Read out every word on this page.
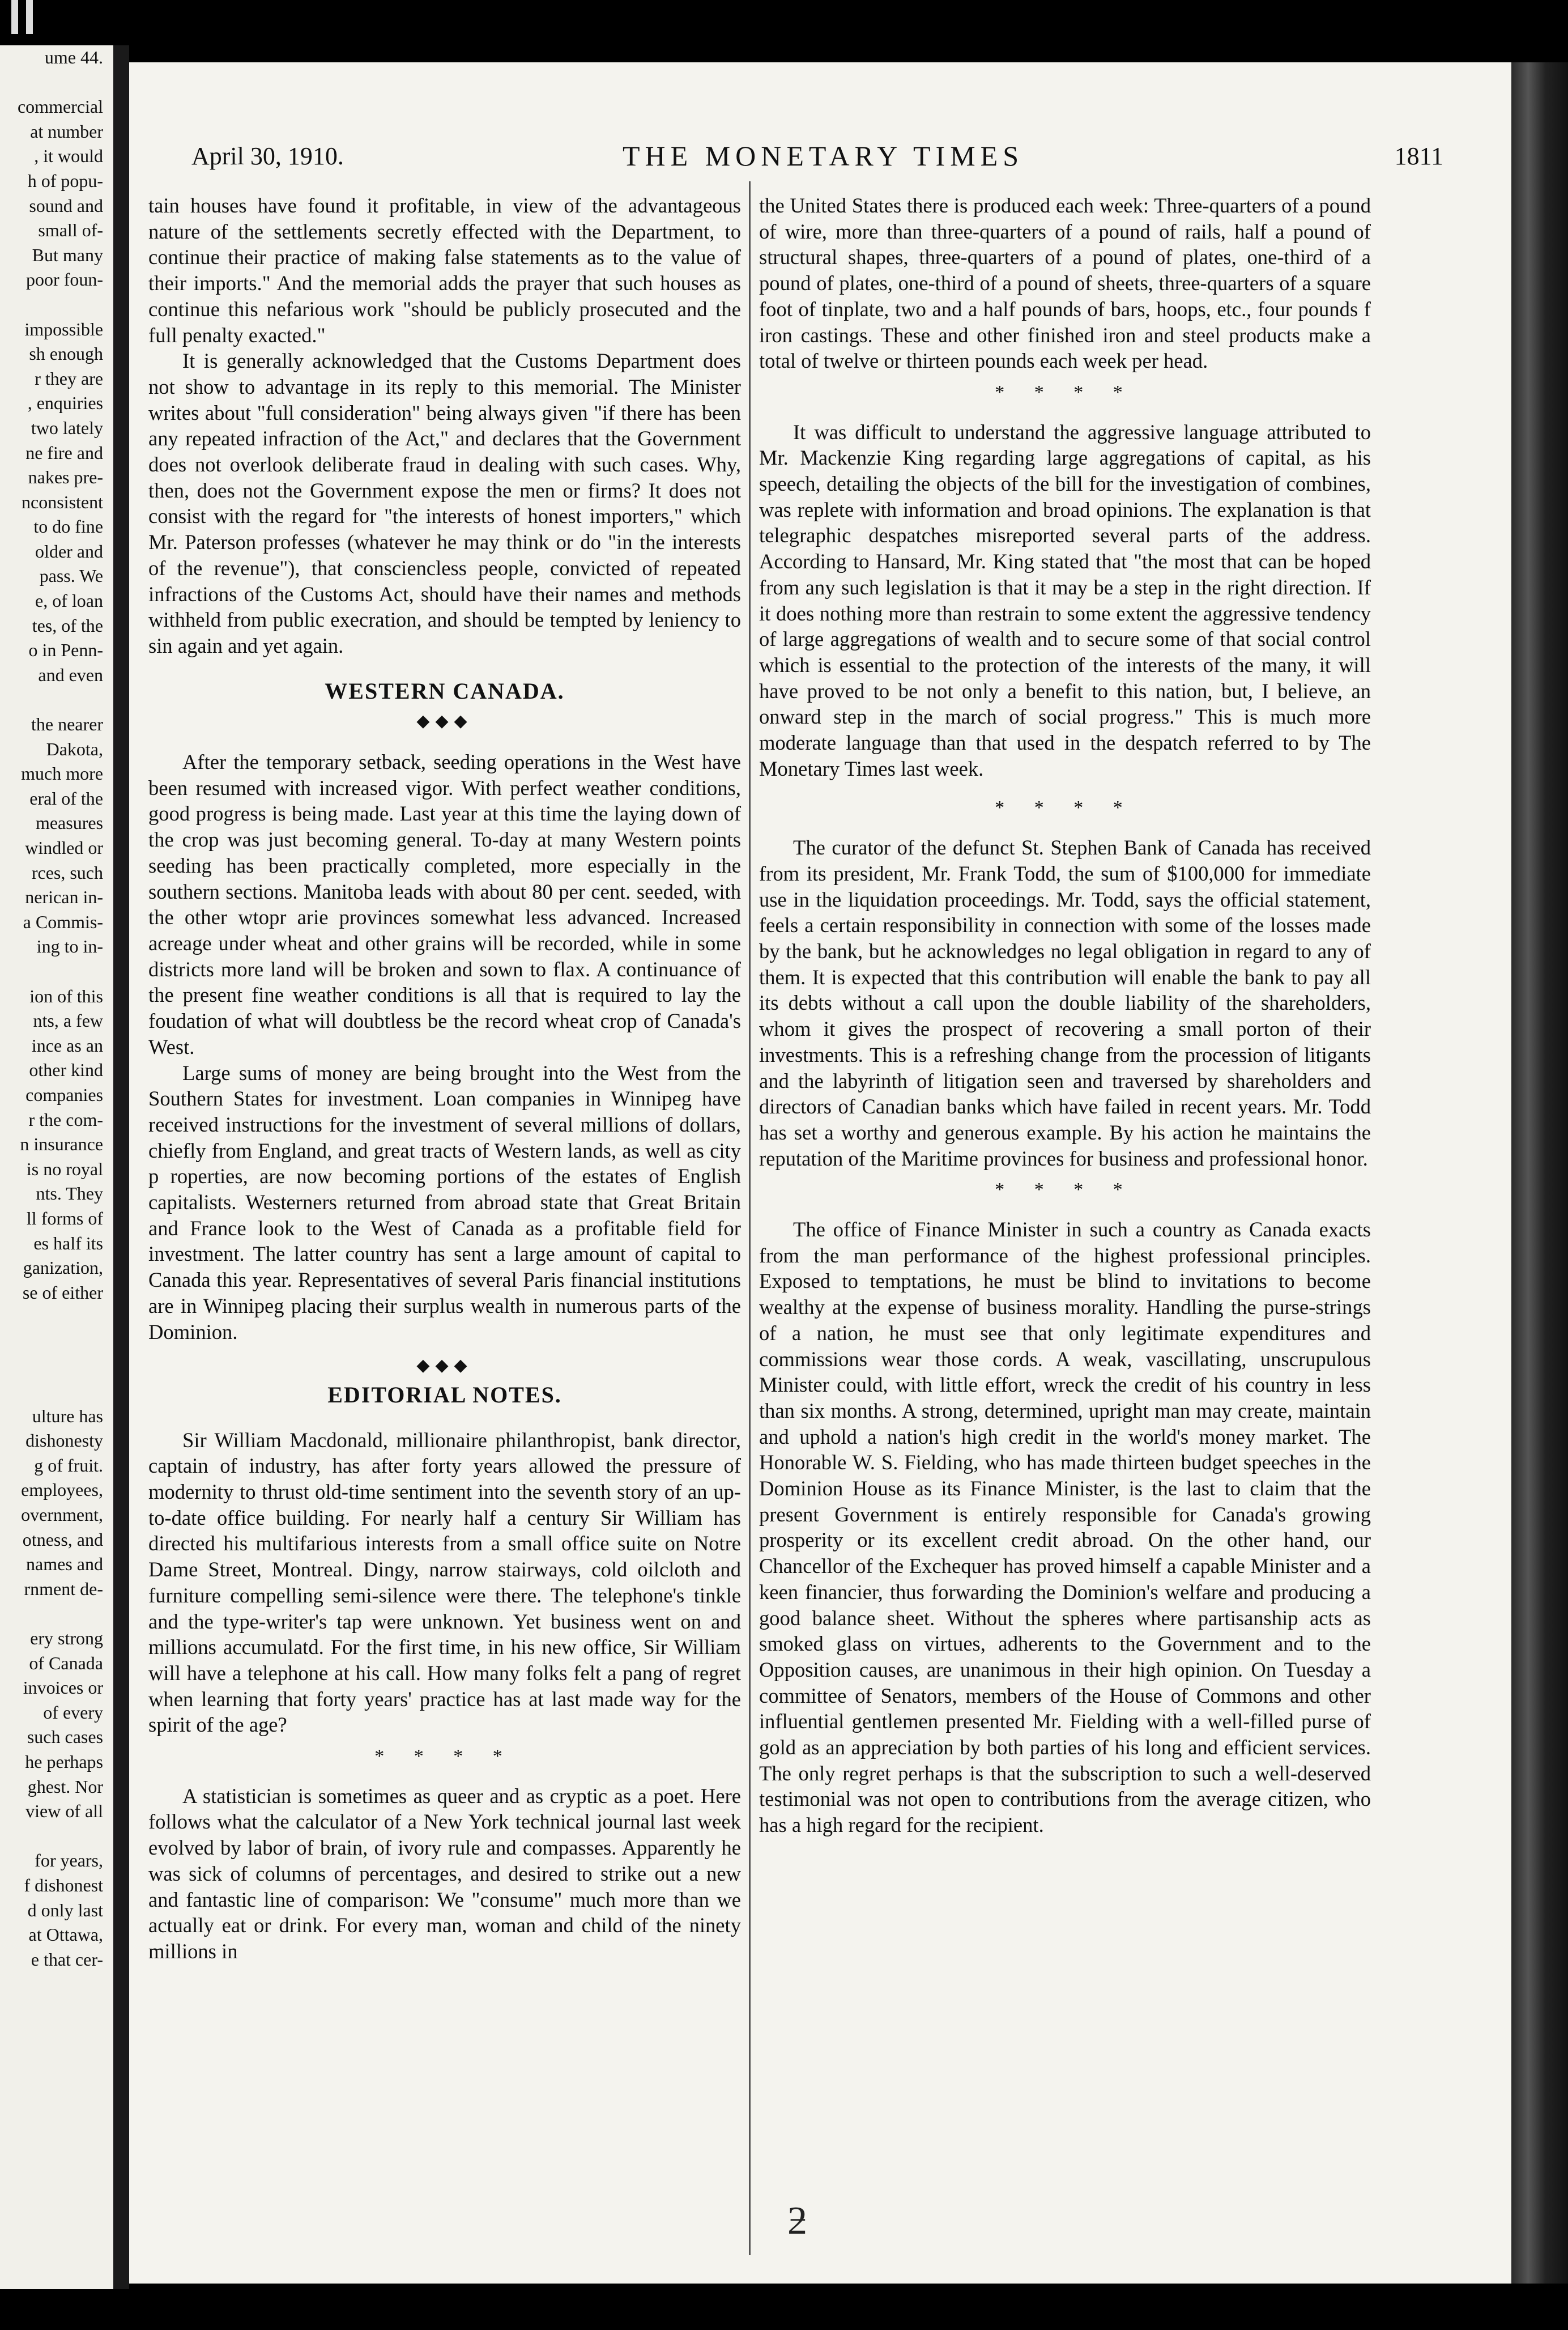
ume 44.

commercial
at number
, it would
h of popu-
sound and
small of-
But many
poor foun-

impossible
sh enough
r they are
, enquiries
two lately
ne fire and
nakes pre-
nconsistent
to do fine
older and
pass. We
e, of loan
tes, of the
o in Penn-
and even

the nearer
Dakota,
much more
eral of the
measures
windled or
rces, such
nerican in-
a Commis-
ing to in-

ion of this
nts, a few
ince as an
other kind
companies
r the com-
n insurance
is no royal
nts. They
ll forms of
es half its
ganization,
se of either

ulture has
dishonesty
g of fruit.
employees,
overnment,
otness, and
names and
rnment de-

ery strong
of Canada
invoices or
of every
such cases
he perhaps
ghest. Nor
view of all

for years,
f dishonest
d only last
at Ottawa,
e that cer-
April 30, 1910.	THE MONETARY TIMES	1811

tain houses have found it profitable, in view of the advantageous nature of the settlements secretly effected with the Department, to continue their practice of making false statements as to the value of their imports." And the memorial adds the prayer that such houses as continue this nefarious work "should be publicly prosecuted and the full penalty exacted."

It is generally acknowledged that the Customs Department does not show to advantage in its reply to this memorial. The Minister writes about "full consideration" being always given "if there has been any repeated infraction of the Act," and declares that the Government does not overlook deliberate fraud in dealing with such cases. Why, then, does not the Government expose the men or firms? It does not consist with the regard for "the interests of honest importers," which Mr. Paterson professes (whatever he may think or do "in the interests of the revenue"), that consciencless people, convicted of repeated infractions of the Customs Act, should have their names and methods withheld from public execration, and should be tempted by leniency to sin again and yet again.

WESTERN CANADA.
◆◆◆

After the temporary setback, seeding operations in the West have been resumed with increased vigor. With perfect weather conditions, good progress is being made. Last year at this time the laying down of the crop was just becoming general. To-day at many Western points seeding has been practically completed, more especially in the southern sections. Manitoba leads with about 80 per cent. seeded, with the other wtopr arie provinces somewhat less advanced. Increased acreage under wheat and other grains will be recorded, while in some districts more land will be broken and sown to flax. A continuance of the present fine weather conditions is all that is required to lay the foudation of what will doubtless be the record wheat crop of Canada's West.

Large sums of money are being brought into the West from the Southern States for investment. Loan companies in Winnipeg have received instructions for the investment of several millions of dollars, chiefly from England, and great tracts of Western lands, as well as city p roperties, are now becoming portions of the estates of English capitalists. Westerners returned from abroad state that Great Britain and France look to the West of Canada as a profitable field for investment. The latter country has sent a large amount of capital to Canada this year. Representatives of several Paris financial institutions are in Winnipeg placing their surplus wealth in numerous parts of the Dominion.

◆◆◆
EDITORIAL NOTES.

Sir William Macdonald, millionaire philanthropist, bank director, captain of industry, has after forty years allowed the pressure of modernity to thrust old-time sentiment into the seventh story of an up-to-date office building. For nearly half a century Sir William has directed his multifarious interests from a small office suite on Notre Dame Street, Montreal. Dingy, narrow stairways, cold oilcloth and furniture compelling semi-silence were there. The telephone's tinkle and the type-writer's tap were unknown. Yet business went on and millions accumulatd. For the first time, in his new office, Sir William will have a telephone at his call. How many folks felt a pang of regret when learning that forty years' practice has at last made way for the spirit of the age?

* * * *

A statistician is sometimes as queer and as cryptic as a poet. Here follows what the calculator of a New York technical journal last week evolved by labor of brain, of ivory rule and compasses. Apparently he was sick of columns of percentages, and desired to strike out a new and fantastic line of comparison: We "consume" much more than we actually eat or drink. For every man, woman and child of the ninety millions in

the United States there is produced each week: Three-quarters of a pound of wire, more than three-quarters of a pound of rails, half a pound of structural shapes, three-quarters of a pound of plates, one-third of a pound of plates, one-third of a pound of sheets, three-quarters of a square foot of tinplate, two and a half pounds of bars, hoops, etc., four pounds f iron castings. These and other finished iron and steel products make a total of twelve or thirteen pounds each week per head.

* * * *

It was difficult to understand the aggressive language attributed to Mr. Mackenzie King regarding large aggregations of capital, as his speech, detailing the objects of the bill for the investigation of combines, was replete with information and broad opinions. The explanation is that telegraphic despatches misreported several parts of the address. According to Hansard, Mr. King stated that "the most that can be hoped from any such legislation is that it may be a step in the right direction. If it does nothing more than restrain to some extent the aggressive tendency of large aggregations of wealth and to secure some of that social control which is essential to the protection of the interests of the many, it will have proved to be not only a benefit to this nation, but, I believe, an onward step in the march of social progress." This is much more moderate language than that used in the despatch referred to by The Monetary Times last week.

* * * *

The curator of the defunct St. Stephen Bank of Canada has received from its president, Mr. Frank Todd, the sum of $100,000 for immediate use in the liquidation proceedings. Mr. Todd, says the official statement, feels a certain responsibility in connection with some of the losses made by the bank, but he acknowledges no legal obligation in regard to any of them. It is expected that this contribution will enable the bank to pay all its debts without a call upon the double liability of the shareholders, whom it gives the prospect of recovering a small porton of their investments. This is a refreshing change from the procession of litigants and the labyrinth of litigation seen and traversed by shareholders and directors of Canadian banks which have failed in recent years. Mr. Todd has set a worthy and generous example. By his action he maintains the reputation of the Maritime provinces for business and professional honor.

* * * *

The office of Finance Minister in such a country as Canada exacts from the man performance of the highest professional principles. Exposed to temptations, he must be blind to invitations to become wealthy at the expense of business morality. Handling the purse-strings of a nation, he must see that only legitimate expenditures and commissions wear those cords. A weak, vascillating, unscrupulous Minister could, with little effort, wreck the credit of his country in less than six months. A strong, determined, upright man may create, maintain and uphold a nation's high credit in the world's money market. The Honorable W. S. Fielding, who has made thirteen budget speeches in the Dominion House as its Finance Minister, is the last to claim that the present Government is entirely responsible for Canada's growing prosperity or its excellent credit abroad. On the other hand, our Chancellor of the Exchequer has proved himself a capable Minister and a keen financier, thus forwarding the Dominion's welfare and producing a good balance sheet. Without the spheres where partisanship acts as smoked glass on virtues, adherents to the Government and to the Opposition causes, are unanimous in their high opinion. On Tuesday a committee of Senators, members of the House of Commons and other influential gentlemen presented Mr. Fielding with a well-filled purse of gold as an appreciation by both parties of his long and efficient services. The only regret perhaps is that the subscription to such a well-deserved testimonial was not open to contributions from the average citizen, who has a high regard for the recipient.

ƻ
